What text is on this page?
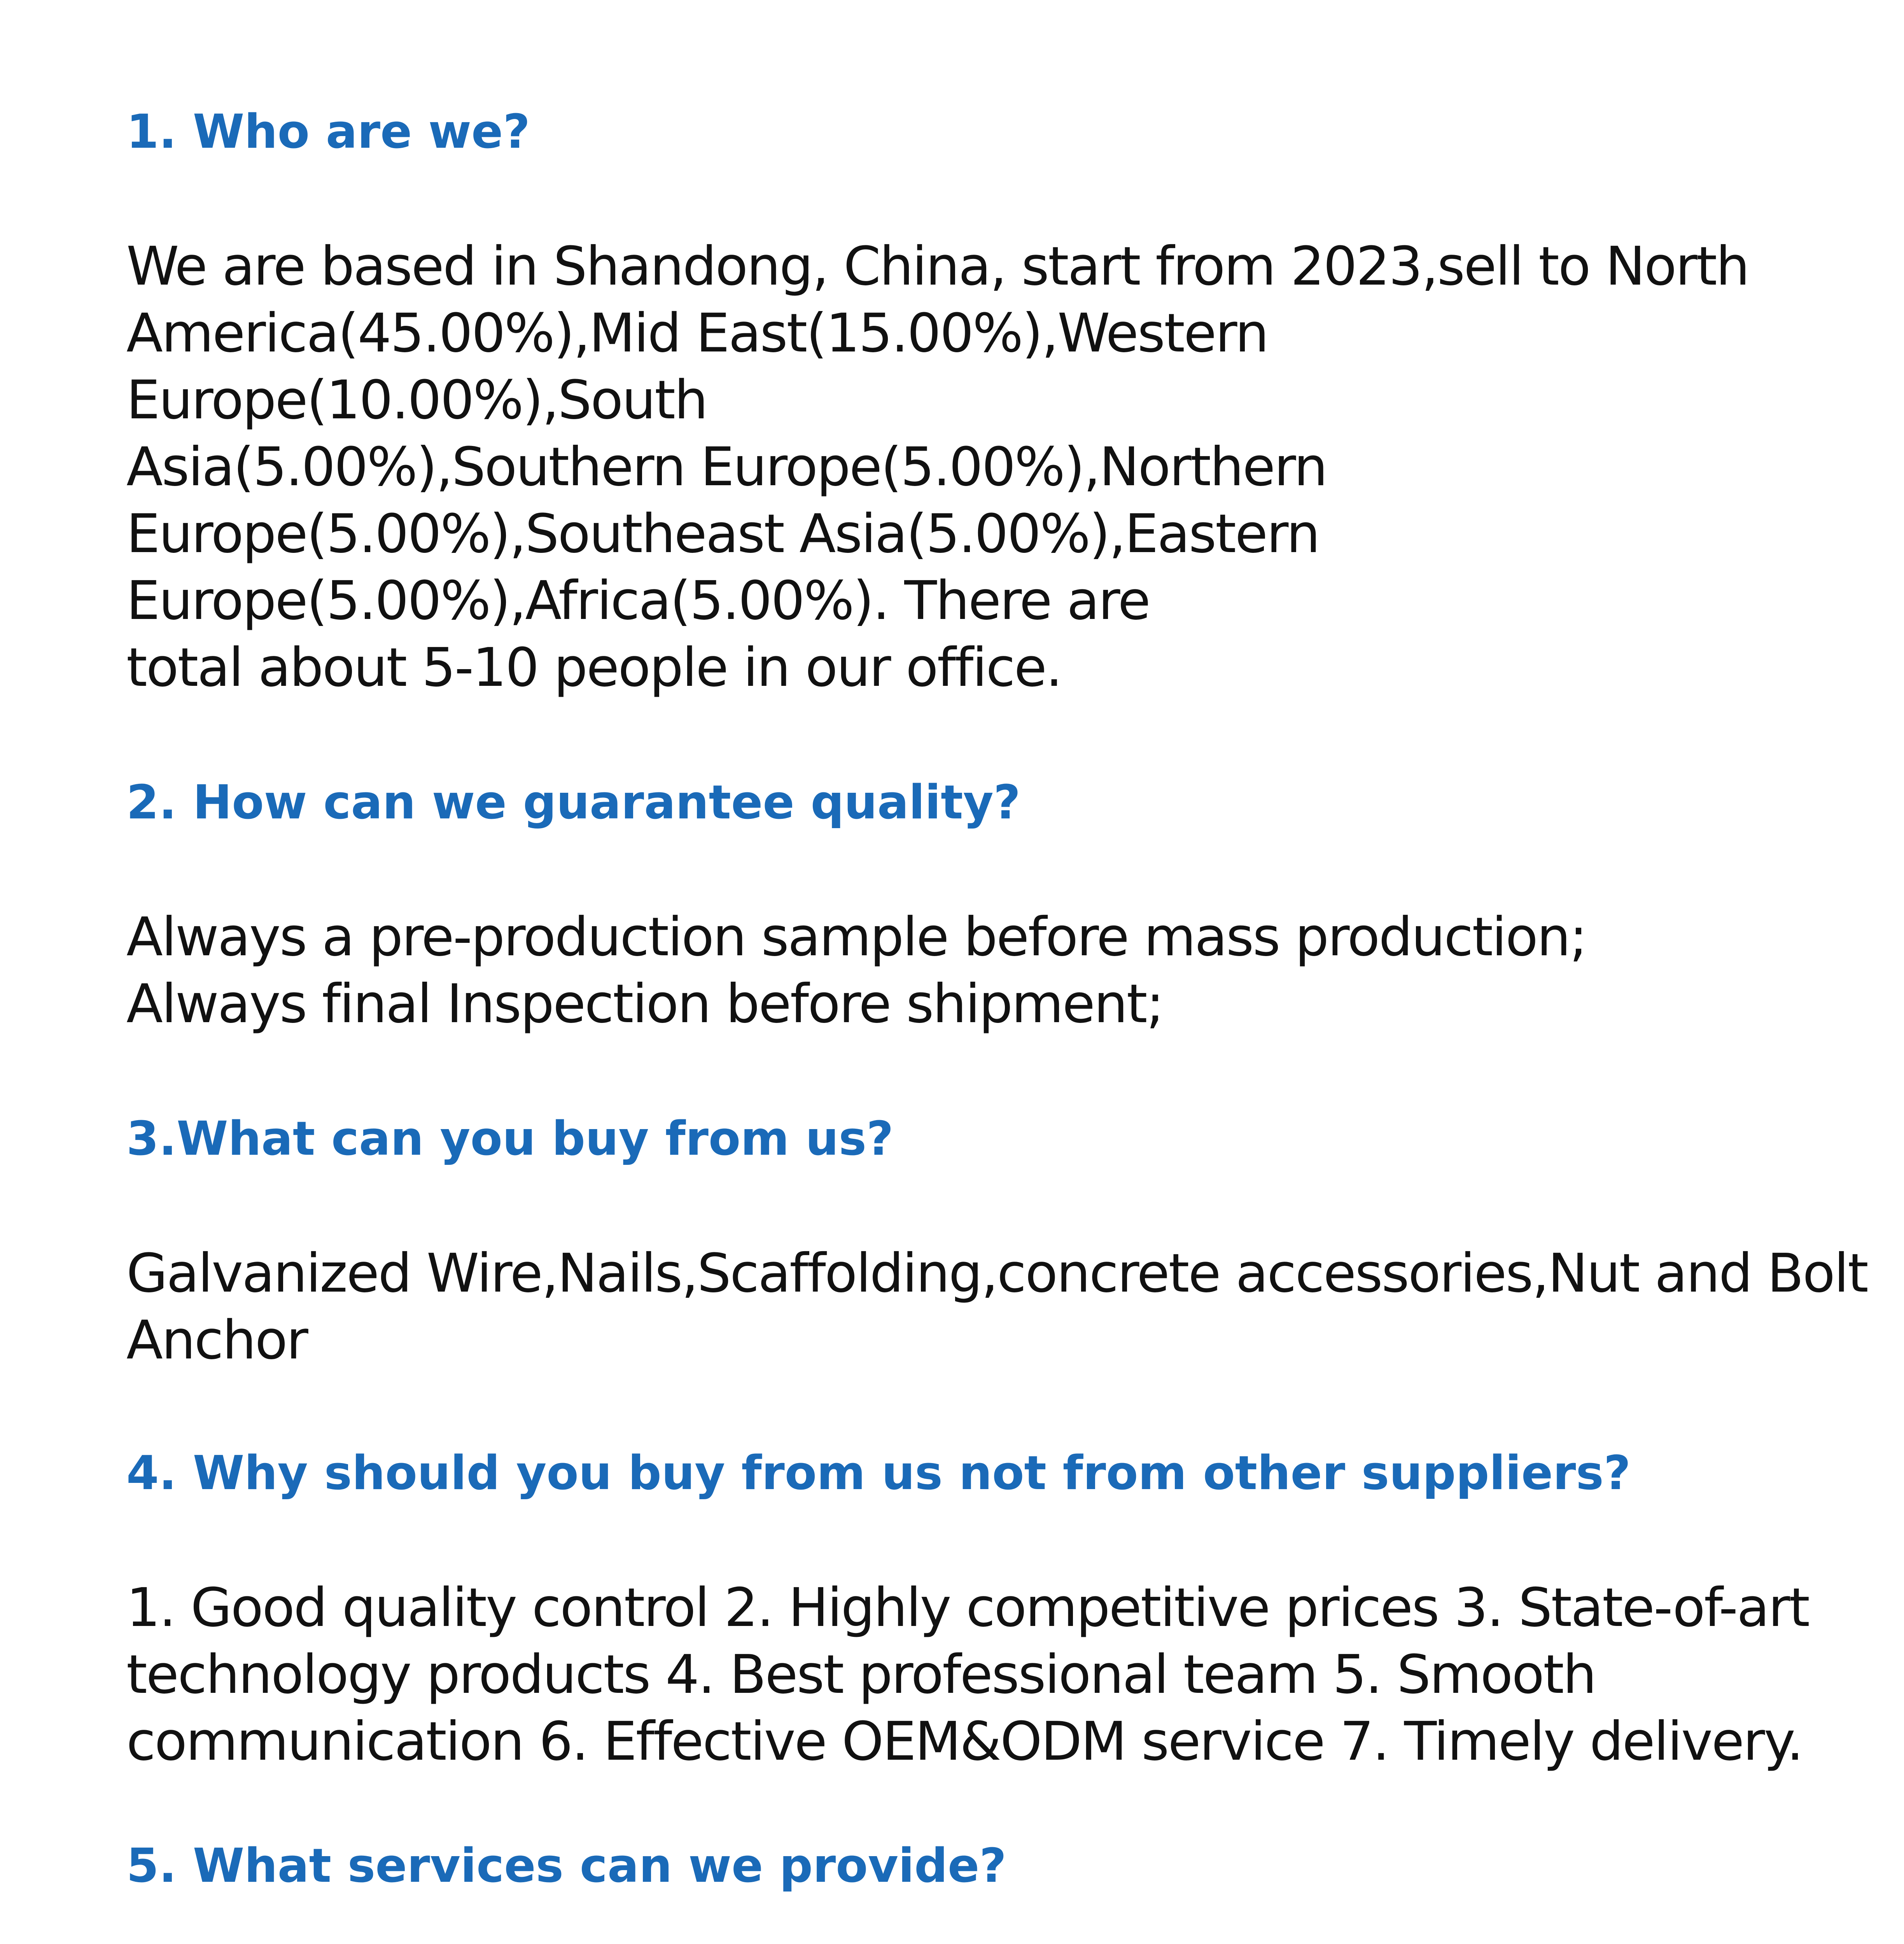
1. Who are we?
We are based in Shandong, China, start from 2023,sell to North
America(45.00%),Mid East(15.00%),Western
Europe(10.00%),South
Asia(5.00%),Southern Europe(5.00%),Northern
Europe(5.00%),Southeast Asia(5.00%),Eastern
Europe(5.00%),Africa(5.00%). There are
total about 5-10 people in our office.
2. How can we guarantee quality?
Always a pre-production sample before mass production;
Always final Inspection before shipment;
3.What can you buy from us?
Galvanized Wire,Nails,Scaffolding,concrete accessories,Nut and Bolt
Anchor
4. Why should you buy from us not from other suppliers?
1. Good quality control 2. Highly competitive prices 3. State-of-art
technology products 4. Best professional team 5. Smooth
communication 6. Effective OEM&ODM service 7. Timely delivery.
5. What services can we provide?
